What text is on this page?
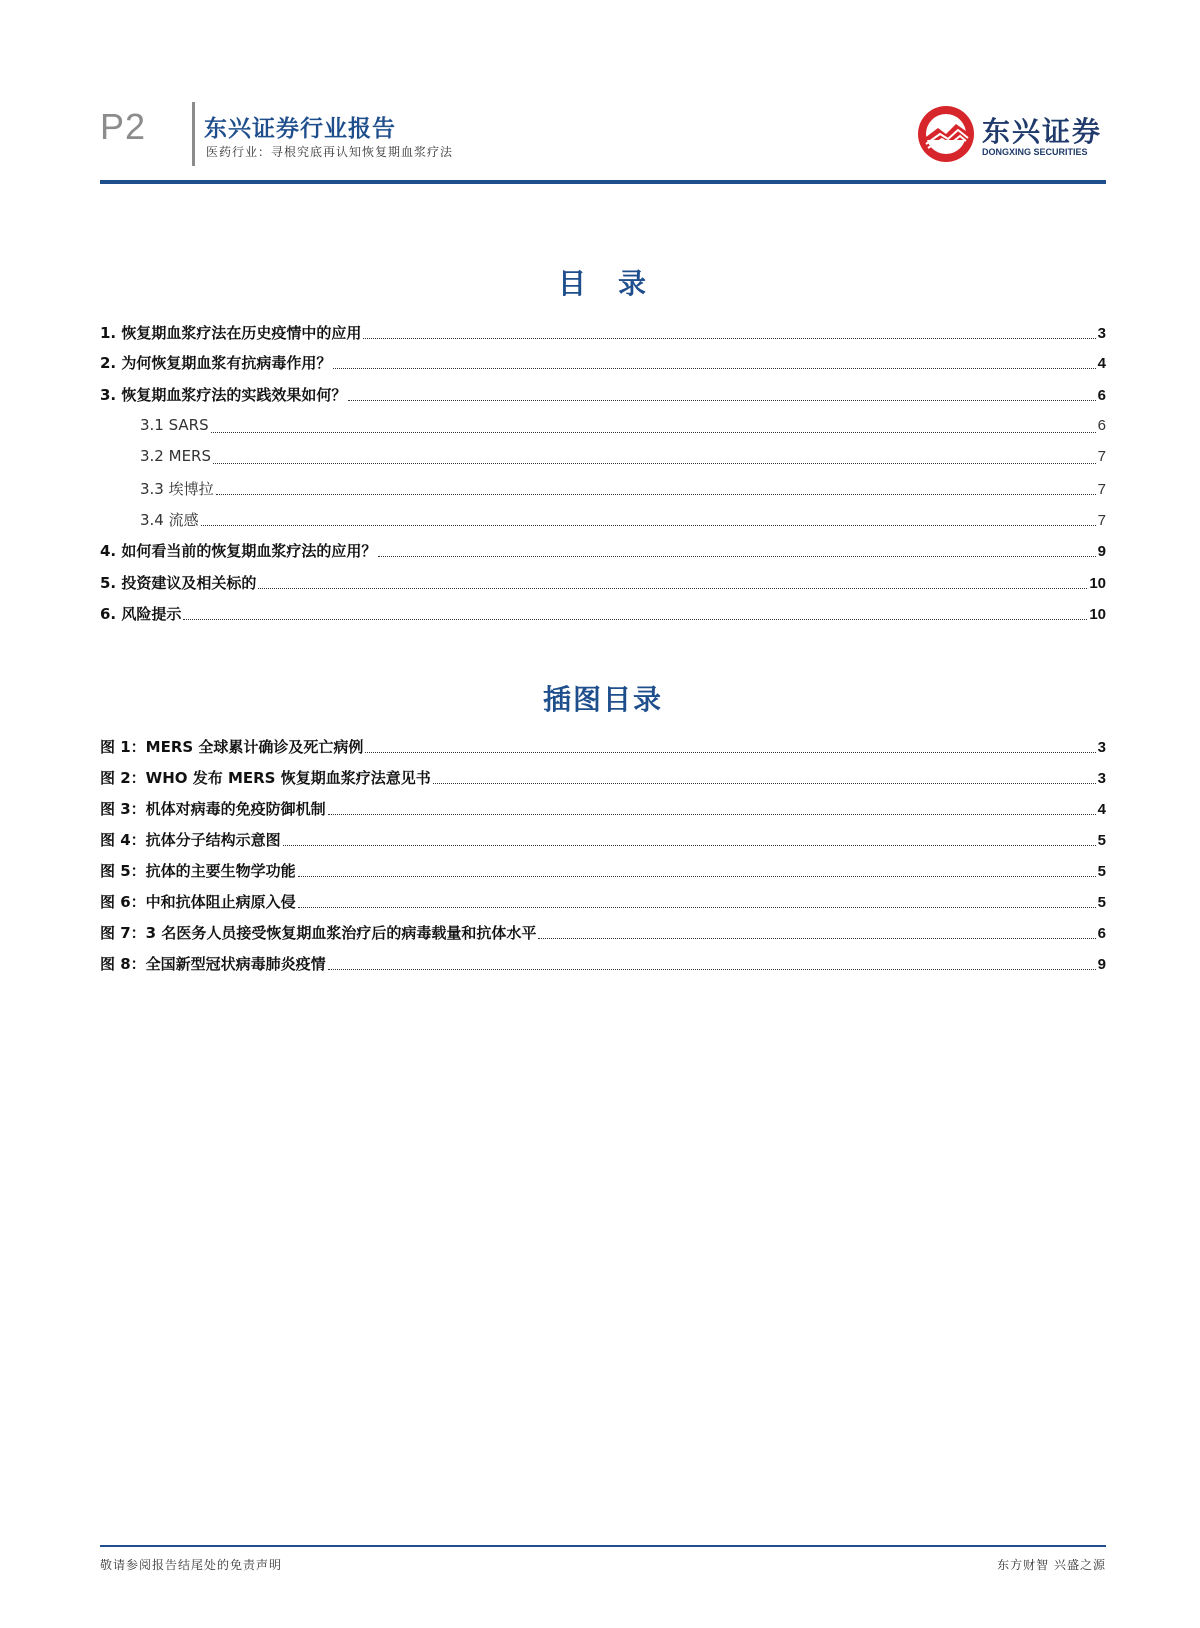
P2	东兴证券行业报告
医药行业：寻根究底再认知恢复期血浆疗法
东兴证券
DONGXING SECURITIES
目　录
1. 恢复期血浆疗法在历史疫情中的应用	3
2. 为何恢复期血浆有抗病毒作用？	4
3. 恢复期血浆疗法的实践效果如何？	6
3.1 SARS	6
3.2 MERS	7
3.3 埃博拉	7
3.4 流感	7
4. 如何看当前的恢复期血浆疗法的应用？	9
5. 投资建议及相关标的	10
6. 风险提示	10
插图目录
图 1：MERS 全球累计确诊及死亡病例	3
图 2：WHO 发布 MERS 恢复期血浆疗法意见书	3
图 3：机体对病毒的免疫防御机制	4
图 4：抗体分子结构示意图	5
图 5：抗体的主要生物学功能	5
图 6：中和抗体阻止病原入侵	5
图 7：3 名医务人员接受恢复期血浆治疗后的病毒载量和抗体水平	6
图 8：全国新型冠状病毒肺炎疫情	9
敬请参阅报告结尾处的免责声明	东方财智 兴盛之源
